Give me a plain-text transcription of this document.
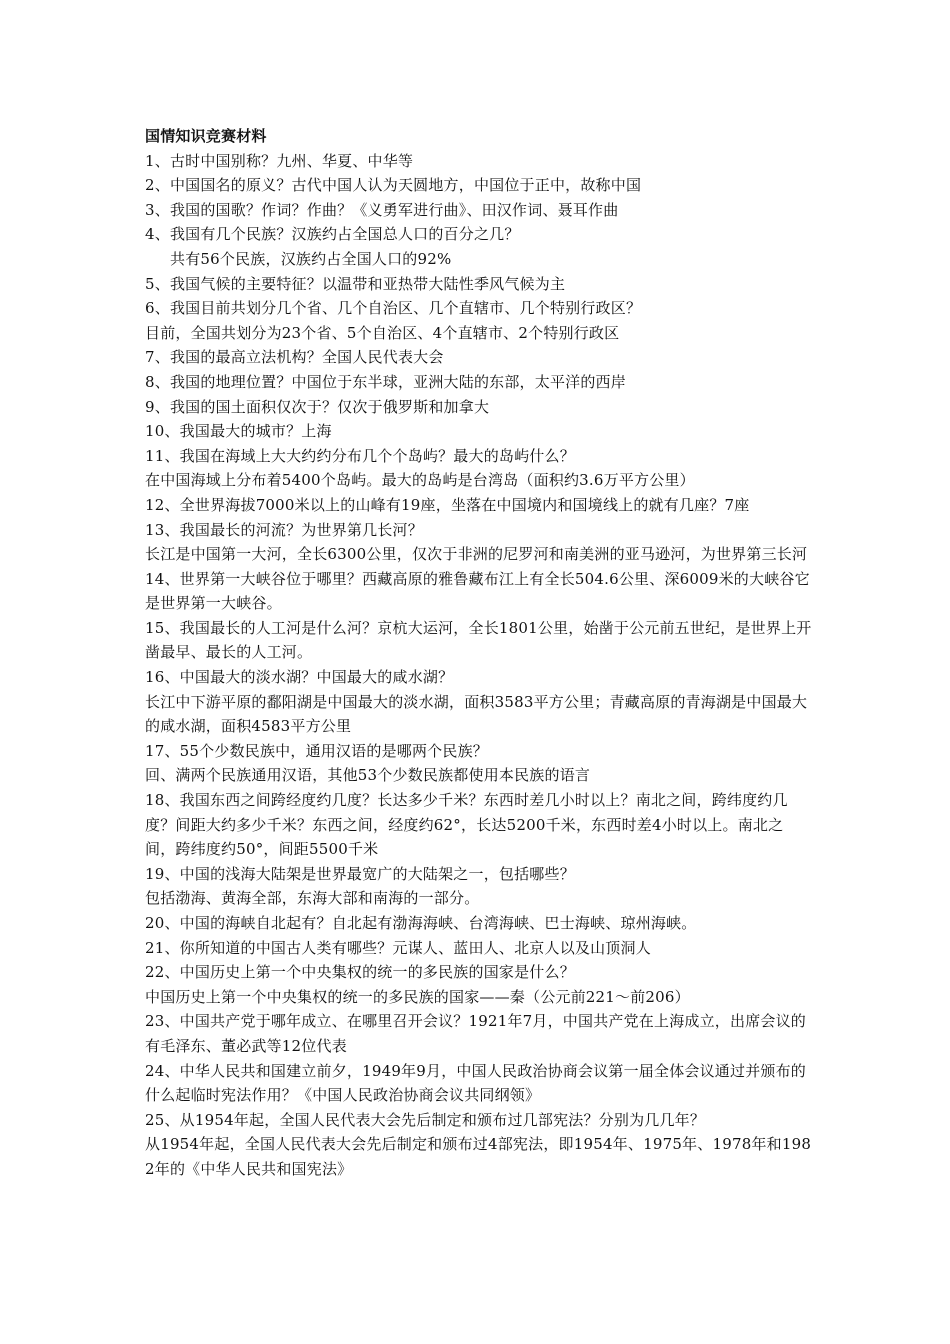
国情知识竞赛材料

1、古时中国别称？九州、华夏、中华等

2、中国国名的原义？古代中国人认为天圆地方，中国位于正中，故称中国

3、我国的国歌？作词？作曲？《义勇军进行曲》、田汉作词、聂耳作曲

4、我国有几个民族？汉族约占全国总人口的百分之几？

共有56个民族，汉族约占全国人口的92%

5、我国气候的主要特征？以温带和亚热带大陆性季风气候为主

6、我国目前共划分几个省、几个自治区、几个直辖市、几个特别行政区？

目前，全国共划分为23个省、5个自治区、4个直辖市、2个特别行政区

7、我国的最高立法机构？全国人民代表大会

8、我国的地理位置？中国位于东半球，亚洲大陆的东部，太平洋的西岸

9、我国的国土面积仅次于？仅次于俄罗斯和加拿大

10、我国最大的城市？上海

11、我国在海域上大大约约分布几个个岛屿？最大的岛屿什么？

在中国海域上分布着5400个岛屿。最大的岛屿是台湾岛（面积约3.6万平方公里）

12、全世界海拔7000米以上的山峰有19座，坐落在中国境内和国境线上的就有几座？7座

13、我国最长的河流？为世界第几长河？

长江是中国第一大河，全长6300公里，仅次于非洲的尼罗河和南美洲的亚马逊河，为世界第三长河

14、世界第一大峡谷位于哪里？西藏高原的雅鲁藏布江上有全长504.6公里、深6009米的大峡谷它是世界第一大峡谷。

15、我国最长的人工河是什么河？京杭大运河，全长1801公里，始凿于公元前五世纪，是世界上开凿最早、最长的人工河。

16、中国最大的淡水湖？中国最大的咸水湖？

长江中下游平原的鄱阳湖是中国最大的淡水湖，面积3583平方公里；青藏高原的青海湖是中国最大的咸水湖，面积4583平方公里

17、55个少数民族中，通用汉语的是哪两个民族？

回、满两个民族通用汉语，其他53个少数民族都使用本民族的语言

18、我国东西之间跨经度约几度？长达多少千米？东西时差几小时以上？南北之间，跨纬度约几度？间距大约多少千米？东西之间，经度约62°，长达5200千米，东西时差4小时以上。南北之间，跨纬度约50°，间距5500千米

19、中国的浅海大陆架是世界最宽广的大陆架之一，包括哪些？

包括渤海、黄海全部，东海大部和南海的一部分。

20、中国的海峡自北起有？自北起有渤海海峡、台湾海峡、巴士海峡、琼州海峡。

21、你所知道的中国古人类有哪些？元谋人、蓝田人、北京人以及山顶洞人

22、中国历史上第一个中央集权的统一的多民族的国家是什么？

中国历史上第一个中央集权的统一的多民族的国家——秦（公元前221～前206）

23、中国共产党于哪年成立、在哪里召开会议？1921年7月，中国共产党在上海成立，出席会议的有毛泽东、董必武等12位代表

24、中华人民共和国建立前夕，1949年9月，中国人民政治协商会议第一届全体会议通过并颁布的什么起临时宪法作用？《中国人民政治协商会议共同纲领》

25、从1954年起，全国人民代表大会先后制定和颁布过几部宪法？分别为几几年？

从1954年起，全国人民代表大会先后制定和颁布过4部宪法，即1954年、1975年、1978年和1982年的《中华人民共和国宪法》
